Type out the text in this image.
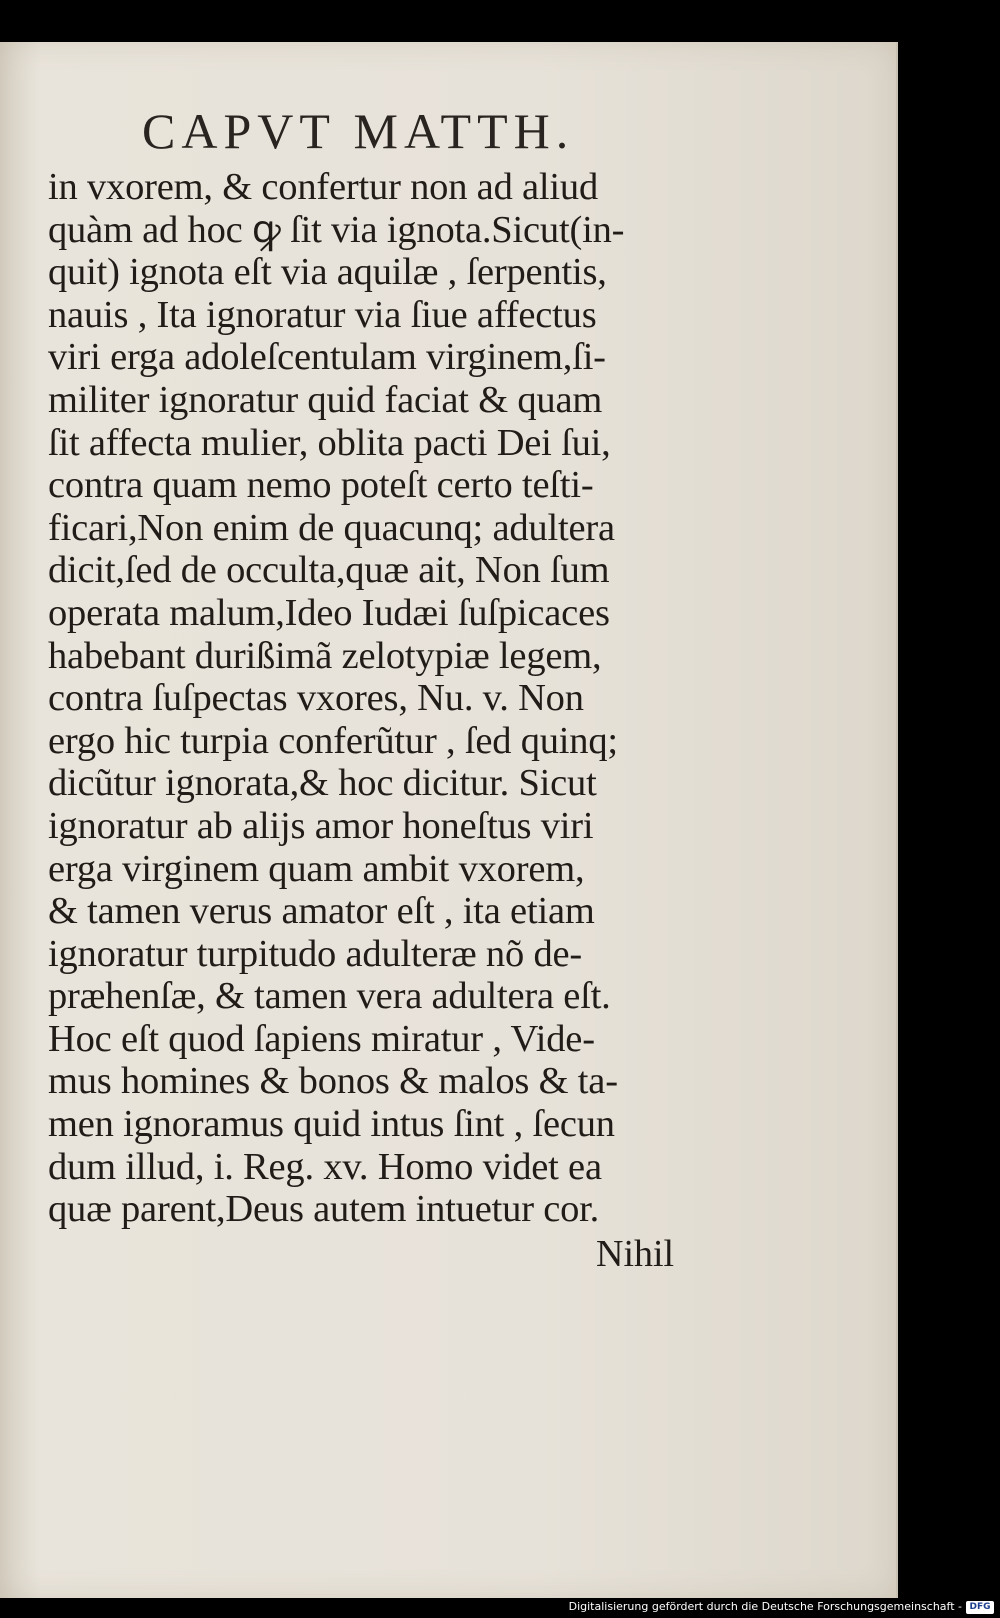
CAPVT MATTH.
in vxorem, & confertur non ad aliud
quàm ad hoc ꝙ ſit via ignota.Sicut(in-
quit) ignota eſt via aquilæ , ſerpentis,
nauis , Ita ignoratur via ſiue affectus
viri erga adoleſcentulam virginem,ſi-
militer ignoratur quid faciat & quam
ſit affecta mulier, oblita pacti Dei ſui,
contra quam nemo poteſt certo teſti-
ficari,Non enim de quacunq; adultera
dicit,ſed de occulta,quæ ait, Non ſum
operata malum,Ideo Iudæi ſuſpicaces
habebant durißimã zelotypiæ legem,
contra ſuſpectas vxores, Nu. v. Non
ergo hic turpia conferũtur , ſed quinq;
dicũtur ignorata,& hoc dicitur. Sicut
ignoratur ab alijs amor honeſtus viri
erga virginem quam ambit vxorem,
& tamen verus amator eſt , ita etiam
ignoratur turpitudo adulteræ nõ de-
præhenſæ, & tamen vera adultera eſt.
Hoc eſt quod ſapiens miratur , Vide-
mus homines & bonos & malos & ta-
men ignoramus quid intus ſint , ſecun
dum illud, i. Reg. xv. Homo videt ea
quæ parent,Deus autem intuetur cor.
Nihil
Digitalisierung gefördert durch die Deutsche Forschungsgemeinschaft - DFG
